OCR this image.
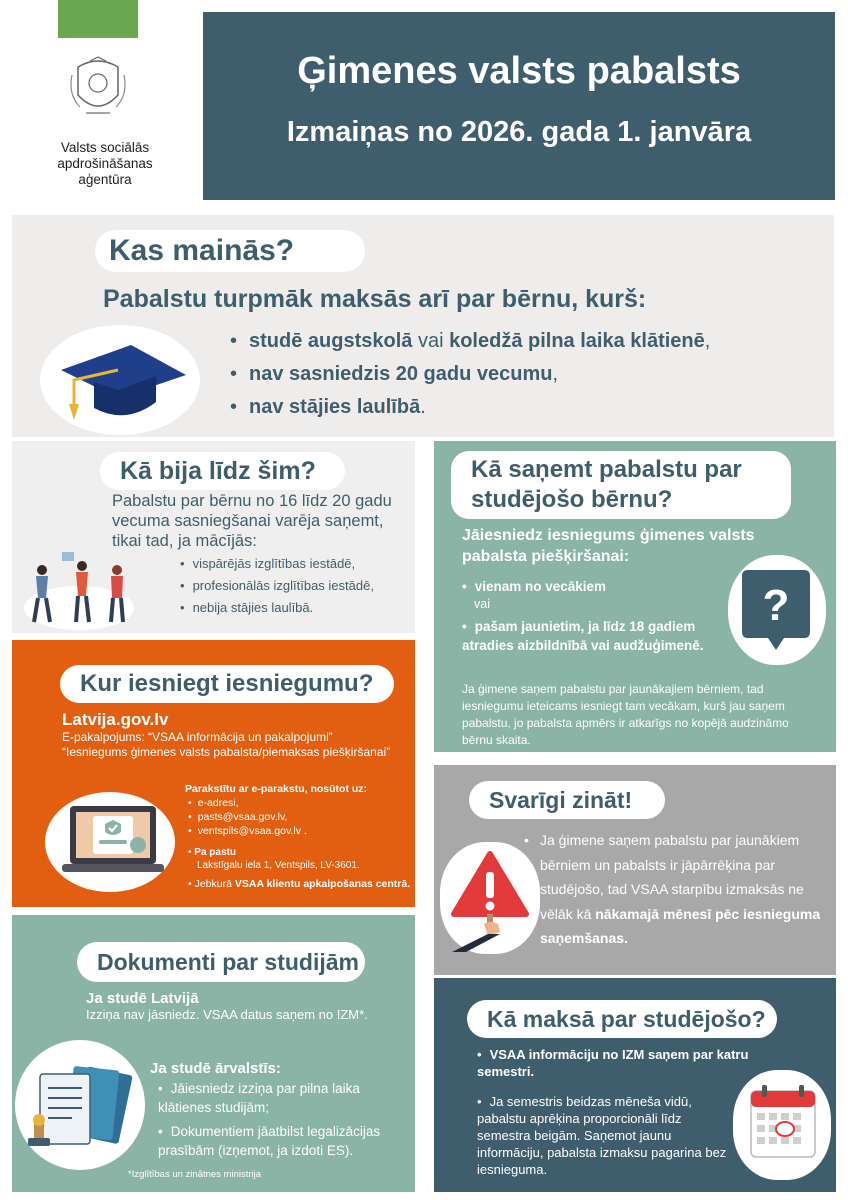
Valsts sociālās
apdrošināšanas
aģentūra
Ģimenes valsts pabalsts
Izmaiņas no 2026. gada 1. janvāra
Kas mainās?
Pabalstu turpmāk maksās arī par bērnu, kurš:
• studē augstskolā vai koledžā pilna laika klātienē,
• nav sasniedzis 20 gadu vecumu,
• nav stājies laulībā.
Kā bija līdz šim?
Pabalstu par bērnu no 16 līdz 20 gadu vecuma sasniegšanai varēja saņemt, tikai tad, ja mācījās:
• vispārējās izglītības iestādē,
• profesionālās izglītības iestādē,
• nebija stājies laulībā.
Kā saņemt pabalstu par
studējošo bērnu?
Jāiesniedz iesniegums ģimenes valsts pabalsta piešķiršanai:
• vienam no vecākiem
• pašam jaunietim, ja līdz 18 gadiem atradies aizbildnībā vai audžuģimenē.
vai
Ja ģimene saņem pabalstu par jaunākajiem bērniem, tad iesniegumu ieteicams iesniegt tam vecākam, kurš jau saņem pabalstu, jo pabalsta apmērs ir atkarīgs no kopējā audzināmo bērnu skaita.
?
Kur iesniegt iesniegumu?
Latvija.gov.lv
E-pakalpojums: “VSAA informācija un pakalpojumi”
“Iesniegums ģimenes valsts pabalsta/piemaksas piešķiršanai”
Parakstītu ar e-parakstu, nosūtot uz:
• e-adresi,
• pasts@vsaa.gov.lv,
• ventspils@vsaa.gov.lv .
• Pa pastu
Lakstīgalu iela 1, Ventspils, LV-3601.
• Jebkurā VSAA klientu apkalpošanas centrā.
Svarīgi zināt!
• Ja ģimene saņem pabalstu par jaunākiem bērniem un pabalsts ir jāpārrēķina par studējošo, tad VSAA starpību izmaksās ne vēlāk kā nākamajā mēnesī pēc iesnieguma saņemšanas.
Dokumenti par studijām
Ja studē Latvijā
Izziņa nav jāsniedz. VSAA datus saņem no IZM*.
Ja studē ārvalstīs:
• Jāiesniedz izziņa par pilna laika klātienes studijām;
• Dokumentiem jāatbilst legalizācijas prasībām (izņemot, ja izdoti ES).
*Izglītības un zinātnes ministrija
Kā maksā par studējošo?
• VSAA informāciju no IZM saņem par katru semestri.
• Ja semestris beidzas mēneša vidū, pabalstu aprēķina proporcionāli līdz semestra beigām. Saņemot jaunu informāciju, pabalsta izmaksu pagarina bez iesnieguma.
